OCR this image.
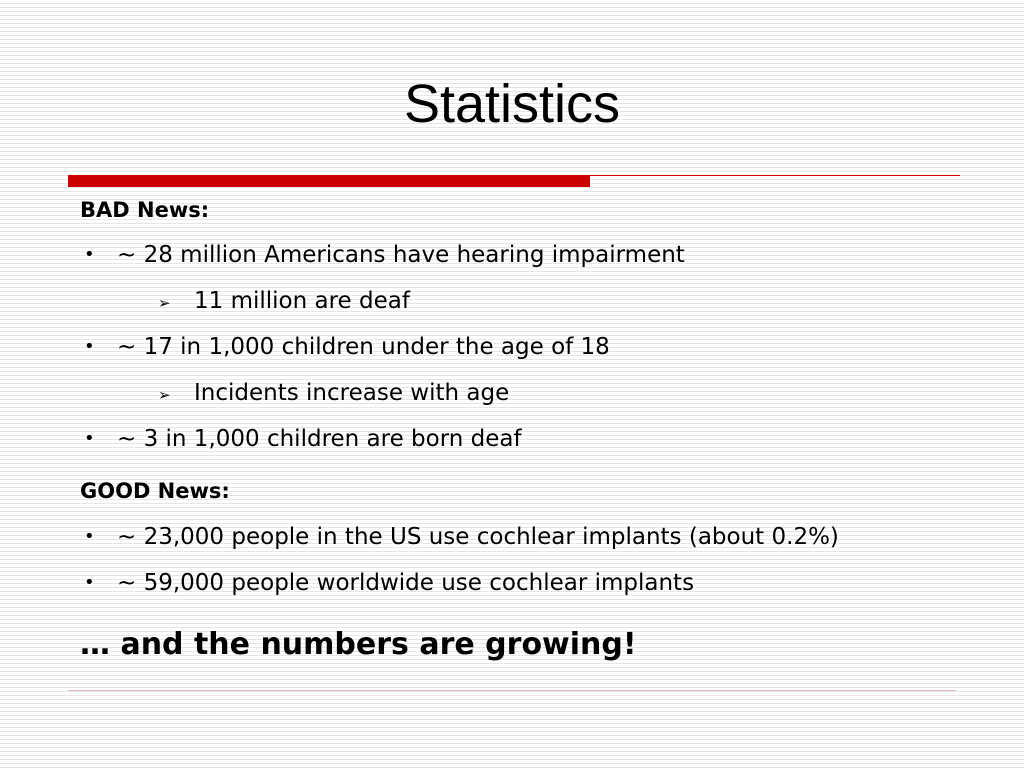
Statistics
BAD News:
• ~ 28 million Americans have hearing impairment
➢ 11 million are deaf
• ~ 17 in 1,000 children under the age of 18
➢ Incidents increase with age
• ~ 3 in 1,000 children are born deaf
GOOD News:
• ~ 23,000 people in the US use cochlear implants (about 0.2%)
• ~ 59,000 people worldwide use cochlear implants
… and the numbers are growing!
